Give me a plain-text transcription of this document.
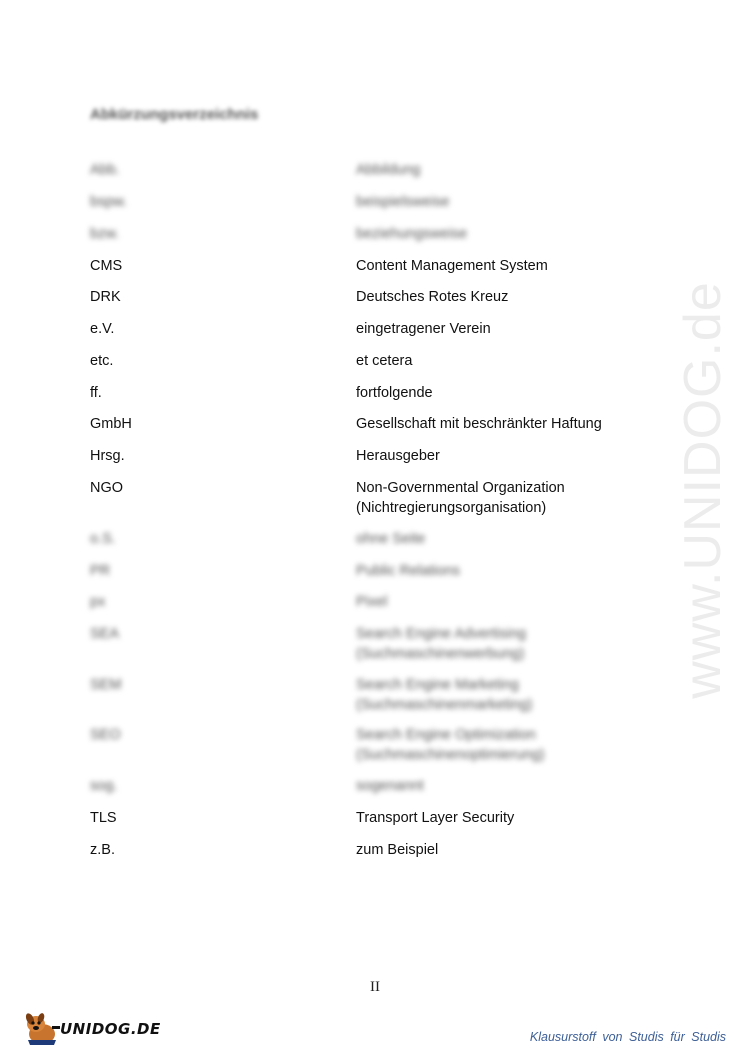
www.UNIDOG.de
Abkürzungsverzeichnis
Abb.	Abbildung
bspw.	beispielsweise
bzw.	beziehungsweise
CMS	Content Management System
DRK	Deutsches Rotes Kreuz
e.V.	eingetragener Verein
etc.	et cetera
ff.	fortfolgende
GmbH	Gesellschaft mit beschränkter Haftung
Hrsg.	Herausgeber
NGO	Non-Governmental Organization
(Nichtregierungsorganisation)
o.S.	ohne Seite
PR	Public Relations
px	Pixel
SEA	Search Engine Advertising
(Suchmaschinenwerbung)
SEM	Search Engine Marketing
(Suchmaschinenmarketing)
SEO	Search Engine Optimization
(Suchmaschinenoptimierung)
sog.	sogenannt
TLS	Transport Layer Security
z.B.	zum Beispiel
II
UNIDOG.DE	Klausurstoff von Studis für Studis
